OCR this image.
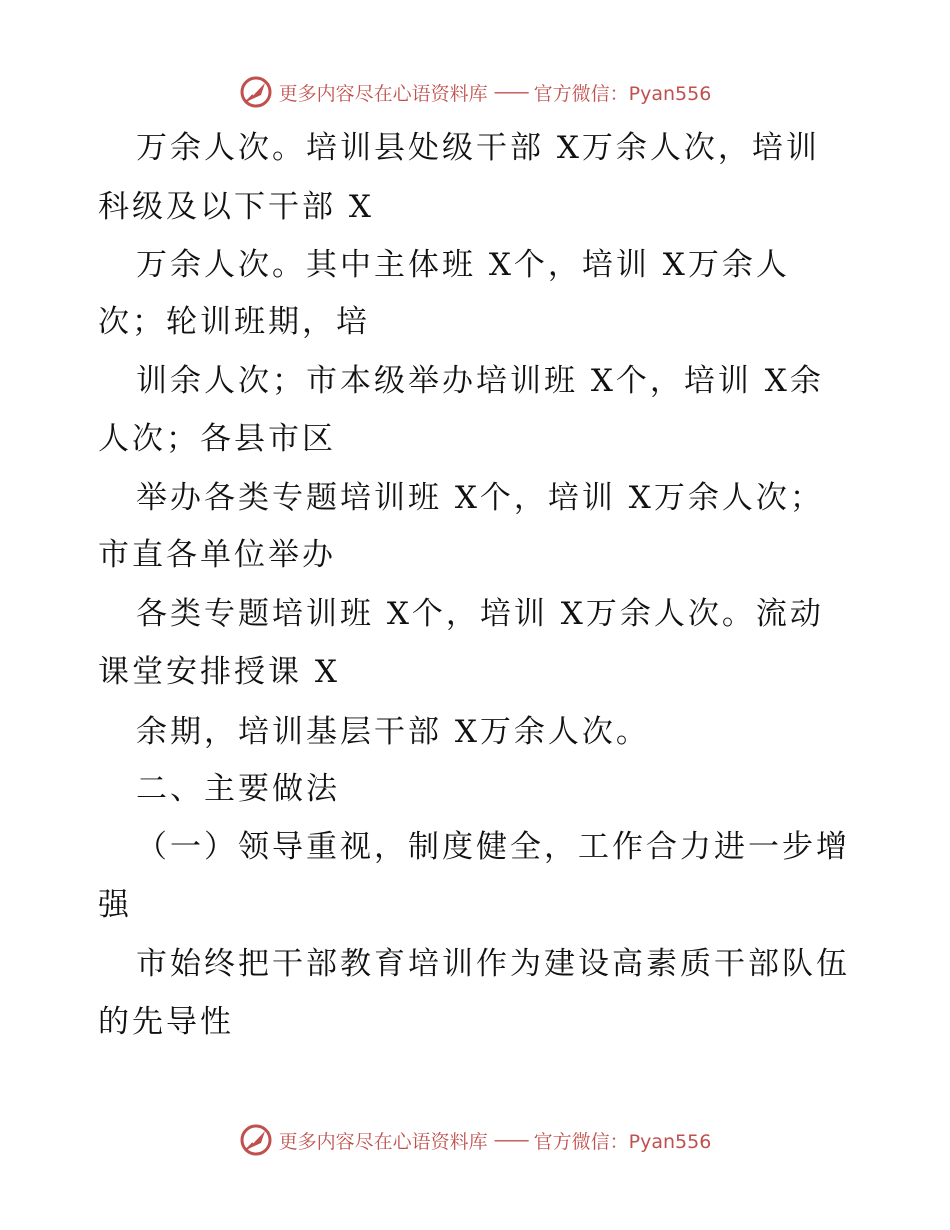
更多内容尽在心语资料库 —— 官方微信：Pyan556
万余人次。培训县处级干部 X万余人次，培训
科级及以下干部 X
万余人次。其中主体班 X个，培训 X万余人
次；轮训班期，培
训余人次；市本级举办培训班 X个，培训 X余
人次；各县市区
举办各类专题培训班 X个，培训 X万余人次；
市直各单位举办
各类专题培训班 X个，培训 X万余人次。流动
课堂安排授课 X
余期，培训基层干部 X万余人次。
二、主要做法
（一）领导重视，制度健全，工作合力进一步增
强
市始终把干部教育培训作为建设高素质干部队伍
的先导性
更多内容尽在心语资料库 —— 官方微信：Pyan556
